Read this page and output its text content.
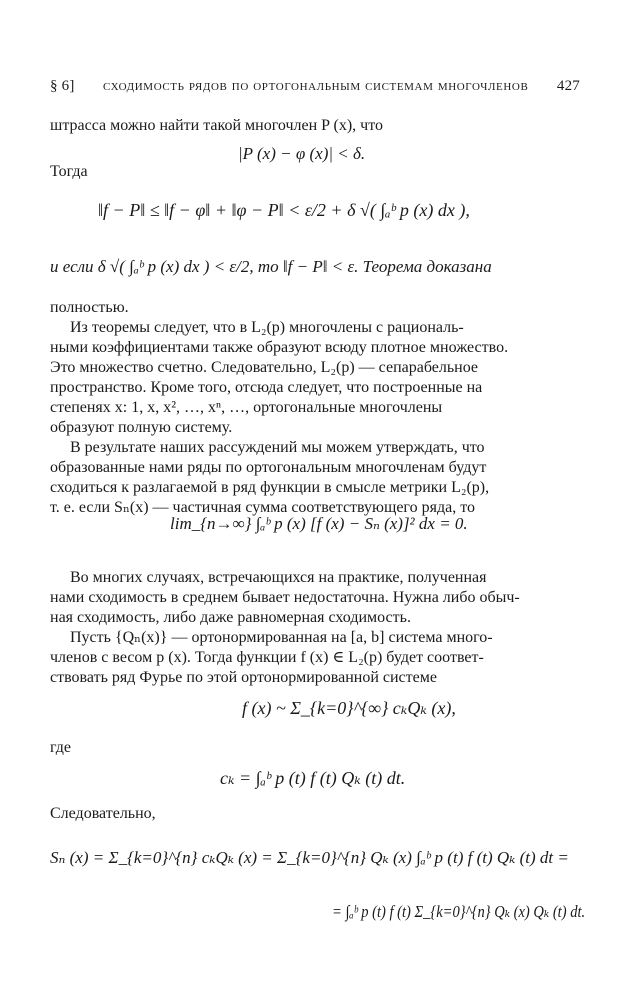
§ 6] сходимость рядов по ортогональным системам многочленов 427
штрасса можно найти такой многочлен P (x), что
|P (x) − φ (x)| < δ.
Тогда
‖f − P‖ ≤ ‖f − φ‖ + ‖φ − P‖ < ε/2 + δ √( ∫ₐᵇ p (x) dx ),
и если δ √( ∫ₐᵇ p (x) dx ) < ε/2, то ‖f − P‖ < ε. Теорема доказана
полностью.
Из теоремы следует, что в L₂(p) многочлены с рациональ-
ными коэффициентами также образуют всюду плотное множество.
Это множество счетно. Следовательно, L₂(p) — сепарабельное
пространство. Кроме того, отсюда следует, что построенные на
степенях x: 1, x, x², …, xⁿ, …, ортогональные многочлены
образуют полную систему.
В результате наших рассуждений мы можем утверждать, что
образованные нами ряды по ортогональным многочленам будут
сходиться к разлагаемой в ряд функции в смысле метрики L₂(p),
т. е. если Sₙ(x) — частичная сумма соответствующего ряда, то
lim_{n→∞} ∫ₐᵇ p (x) [f (x) − Sₙ (x)]² dx = 0.
Во многих случаях, встречающихся на практике, полученная
нами сходимость в среднем бывает недостаточна. Нужна либо обыч-
ная сходимость, либо даже равномерная сходимость.
Пусть {Qₙ(x)} — ортонормированная на [a, b] система много-
членов с весом p (x). Тогда функции f (x) ∈ L₂(p) будет соответ-
ствовать ряд Фурье по этой ортонормированной системе
f (x) ~ Σ_{k=0}^{∞} cₖQₖ (x),
где
cₖ = ∫ₐᵇ p (t) f (t) Qₖ (t) dt.
Следовательно,
Sₙ (x) = Σ_{k=0}^{n} cₖQₖ (x) = Σ_{k=0}^{n} Qₖ (x) ∫ₐᵇ p (t) f (t) Qₖ (t) dt =
= ∫ₐᵇ p (t) f (t) Σ_{k=0}^{n} Qₖ (x) Qₖ (t) dt.
